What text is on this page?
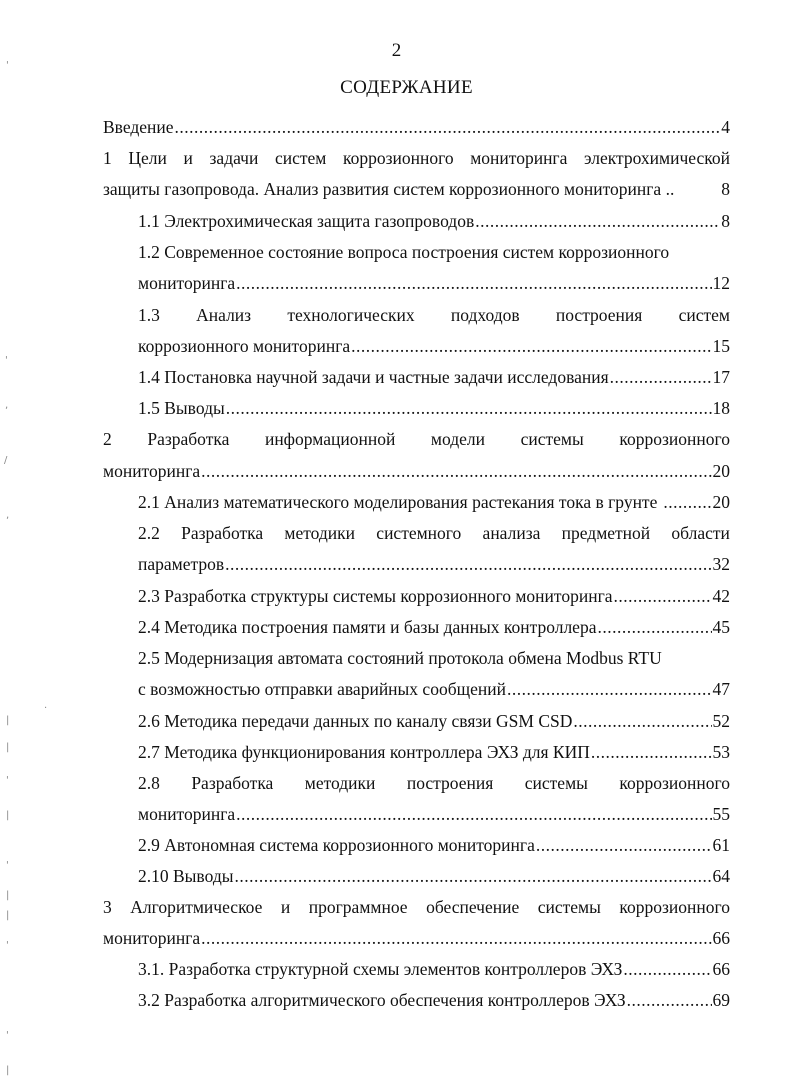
2
СОДЕРЖАНИЕ
Введение .....	4
1 Цели и задачи систем коррозионного мониторинга электрохимической
защиты газопровода. Анализ развития систем коррозионного мониторинга ..	8
1.1 Электрохимическая защита газопроводов .....	8
1.2 Современное состояние вопроса построения систем коррозионного
мониторинга .....	12
1.3 Анализ технологических подходов построения систем
коррозионного мониторинга .....	15
1.4 Постановка научной задачи и частные задачи исследования .....	17
1.5 Выводы .....	18
2 Разработка информационной модели системы коррозионного
мониторинга .....	20
2.1 Анализ математического моделирования растекания тока в грунте .....	20
2.2 Разработка методики системного анализа предметной области
параметров .....	32
2.3 Разработка структуры системы коррозионного мониторинга .....	42
2.4 Методика построения памяти и базы данных контроллера .....	45
2.5 Модернизация автомата состояний протокола обмена Modbus RTU
с возможностью отправки аварийных сообщений .....	47
2.6 Методика передачи данных по каналу связи GSM CSD .....	52
2.7 Методика функционирования контроллера ЭХЗ для КИП .....	53
2.8 Разработка методики построения системы коррозионного
мониторинга .....	55
2.9 Автономная система коррозионного мониторинга .....	61
2.10 Выводы .....	64
3 Алгоритмическое и программное обеспечение системы коррозионного
мониторинга .....	66
3.1. Разработка структурной схемы элементов контроллеров ЭХЗ .....	66
3.2 Разработка алгоритмического обеспечения контроллеров ЭХЗ .....	69
'
'
,
/
,
|
|
'
|
'
|
|
'
'
|
.
